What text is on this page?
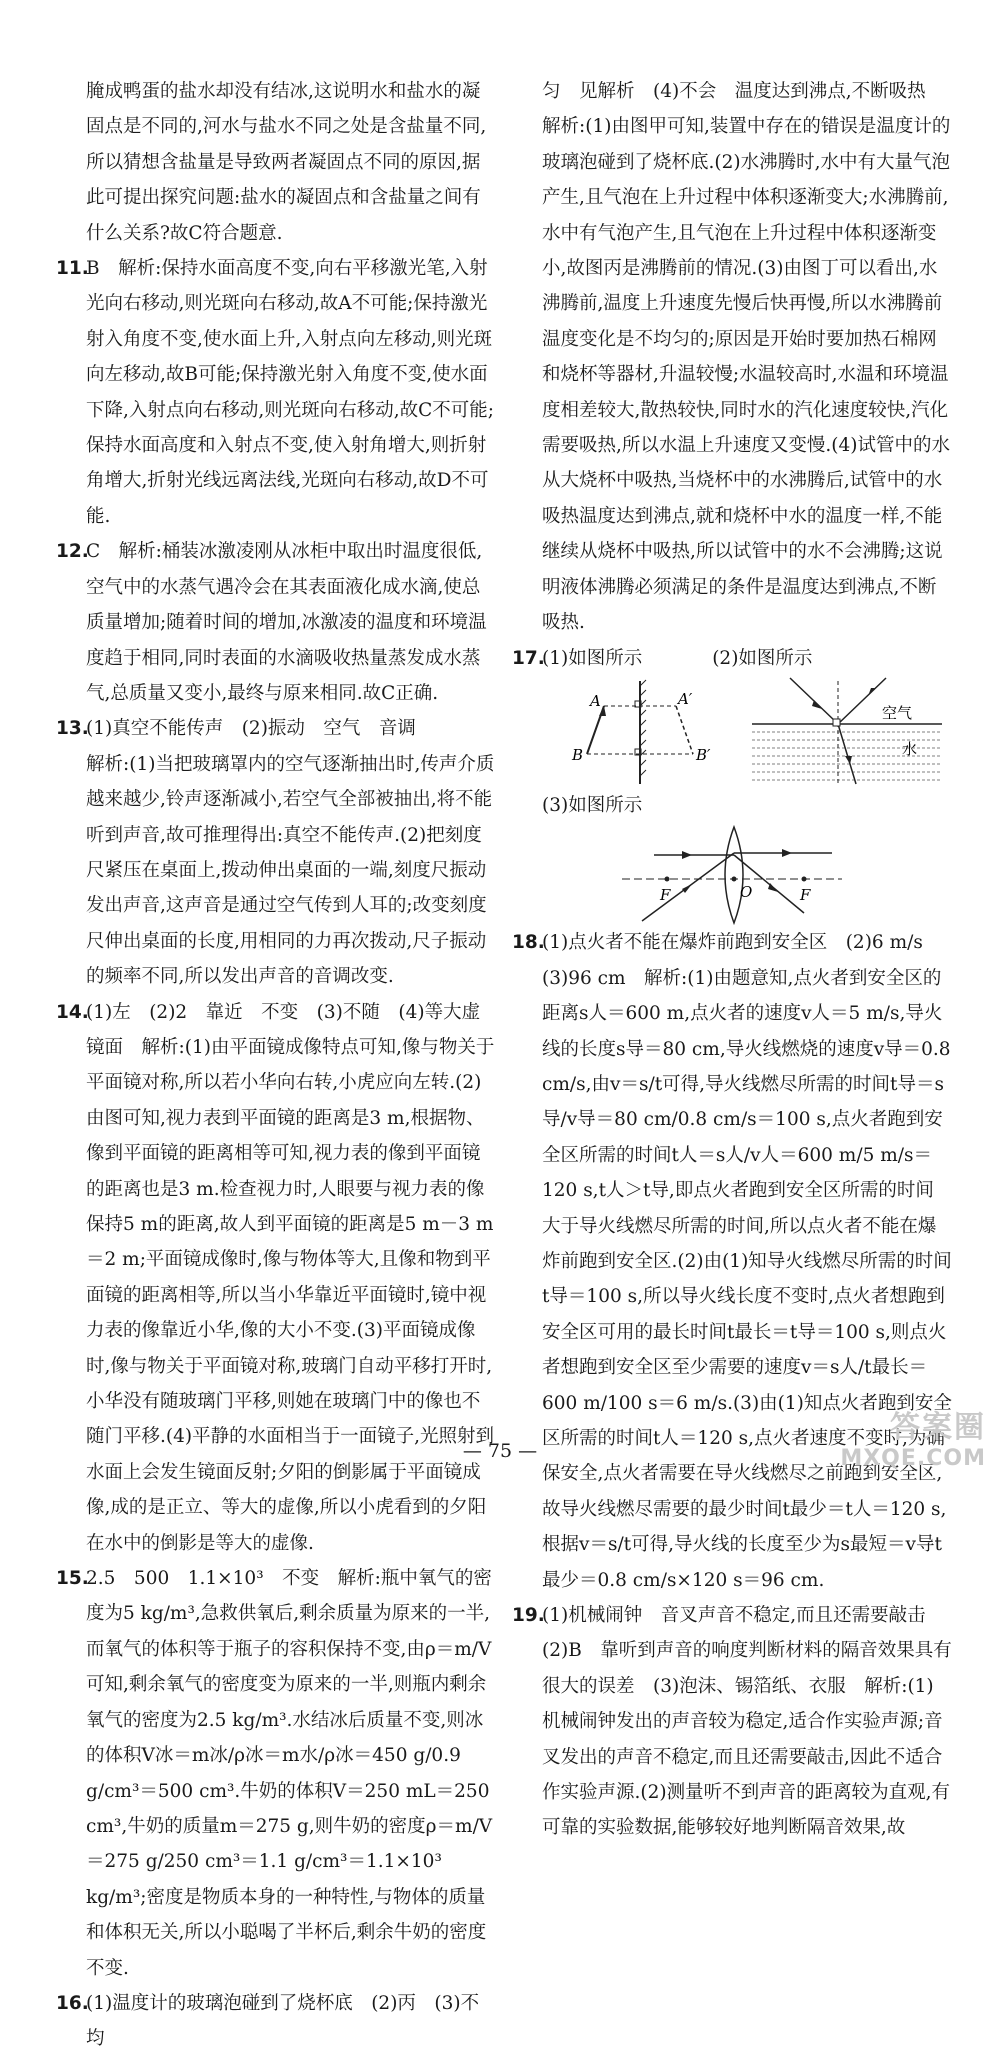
腌成鸭蛋的盐水却没有结冰,这说明水和盐水的凝固点是不同的,河水与盐水不同之处是含盐量不同,所以猜想含盐量是导致两者凝固点不同的原因,据此可提出探究问题:盐水的凝固点和含盐量之间有什么关系?故C符合题意.

11.

B　解析:保持水面高度不变,向右平移激光笔,入射光向右移动,则光斑向右移动,故A不可能;保持激光射入角度不变,使水面上升,入射点向左移动,则光斑向左移动,故B可能;保持激光射入角度不变,使水面下降,入射点向右移动,则光斑向右移动,故C不可能;保持水面高度和入射点不变,使入射角增大,则折射角增大,折射光线远离法线,光斑向右移动,故D不可能.

12.

C　解析:桶装冰激凌刚从冰柜中取出时温度很低,空气中的水蒸气遇冷会在其表面液化成水滴,使总质量增加;随着时间的增加,冰激凌的温度和环境温度趋于相同,同时表面的水滴吸收热量蒸发成水蒸气,总质量又变小,最终与原来相同.故C正确.

13.

(1)真空不能传声　(2)振动　空气　音调

解析:(1)当把玻璃罩内的空气逐渐抽出时,传声介质越来越少,铃声逐渐减小,若空气全部被抽出,将不能听到声音,故可推理得出:真空不能传声.(2)把刻度尺紧压在桌面上,拨动伸出桌面的一端,刻度尺振动发出声音,这声音是通过空气传到人耳的;改变刻度尺伸出桌面的长度,用相同的力再次拨动,尺子振动的频率不同,所以发出声音的音调改变.

14.

(1)左　(2)2　靠近　不变　(3)不随　(4)等大虚　镜面　解析:(1)由平面镜成像特点可知,像与物关于平面镜对称,所以若小华向右转,小虎应向左转.(2)由图可知,视力表到平面镜的距离是3 m,根据物、像到平面镜的距离相等可知,视力表的像到平面镜的距离也是3 m.检查视力时,人眼要与视力表的像保持5 m的距离,故人到平面镜的距离是5 m－3 m＝2 m;平面镜成像时,像与物体等大,且像和物到平面镜的距离相等,所以当小华靠近平面镜时,镜中视力表的像靠近小华,像的大小不变.(3)平面镜成像时,像与物关于平面镜对称,玻璃门自动平移打开时,小华没有随玻璃门平移,则她在玻璃门中的像也不随门平移.(4)平静的水面相当于一面镜子,光照射到水面上会发生镜面反射;夕阳的倒影属于平面镜成像,成的是正立、等大的虚像,所以小虎看到的夕阳在水中的倒影是等大的虚像.

15.

2.5　500　1.1×10³　不变　解析:瓶中氧气的密度为5 kg/m³,急救供氧后,剩余质量为原来的一半,而氧气的体积等于瓶子的容积保持不变,由ρ＝m/V可知,剩余氧气的密度变为原来的一半,则瓶内剩余氧气的密度为2.5 kg/m³.水结冰后质量不变,则冰的体积V冰＝m冰/ρ冰＝m水/ρ冰＝450 g/0.9 g/cm³＝500 cm³.牛奶的体积V＝250 mL＝250 cm³,牛奶的质量m＝275 g,则牛奶的密度ρ＝m/V＝275 g/250 cm³＝1.1 g/cm³＝1.1×10³ kg/m³;密度是物质本身的一种特性,与物体的质量和体积无关,所以小聪喝了半杯后,剩余牛奶的密度不变.

16.

(1)温度计的玻璃泡碰到了烧杯底　(2)丙　(3)不均

匀　见解析　(4)不会　温度达到沸点,不断吸热

解析:(1)由图甲可知,装置中存在的错误是温度计的玻璃泡碰到了烧杯底.(2)水沸腾时,水中有大量气泡产生,且气泡在上升过程中体积逐渐变大;水沸腾前,水中有气泡产生,且气泡在上升过程中体积逐渐变小,故图丙是沸腾前的情况.(3)由图丁可以看出,水沸腾前,温度上升速度先慢后快再慢,所以水沸腾前温度变化是不均匀的;原因是开始时要加热石棉网和烧杯等器材,升温较慢;水温较高时,水温和环境温度相差较大,散热较快,同时水的汽化速度较快,汽化需要吸热,所以水温上升速度又变慢.(4)试管中的水从大烧杯中吸热,当烧杯中的水沸腾后,试管中的水吸热温度达到沸点,就和烧杯中水的温度一样,不能继续从烧杯中吸热,所以试管中的水不会沸腾;这说明液体沸腾必须满足的条件是温度达到沸点,不断吸热.

17.
(1)如图所示	(2)如图所示
A	A′
B	B′
空气
水
(3)如图所示
F	O	F
18.

(1)点火者不能在爆炸前跑到安全区　(2)6 m/s

(3)96 cm　解析:(1)由题意知,点火者到安全区的距离s人＝600 m,点火者的速度v人＝5 m/s,导火线的长度s导＝80 cm,导火线燃烧的速度v导＝0.8 cm/s,由v＝s/t可得,导火线燃尽所需的时间t导＝s导/v导＝80 cm/0.8 cm/s＝100 s,点火者跑到安全区所需的时间t人＝s人/v人＝600 m/5 m/s＝120 s,t人＞t导,即点火者跑到安全区所需的时间大于导火线燃尽所需的时间,所以点火者不能在爆炸前跑到安全区.(2)由(1)知导火线燃尽所需的时间t导＝100 s,所以导火线长度不变时,点火者想跑到安全区可用的最长时间t最长＝t导＝100 s,则点火者想跑到安全区至少需要的速度v＝s人/t最长＝600 m/100 s＝6 m/s.(3)由(1)知点火者跑到安全区所需的时间t人＝120 s,点火者速度不变时,为确保安全,点火者需要在导火线燃尽之前跑到安全区,故导火线燃尽需要的最少时间t最少＝t人＝120 s,根据v＝s/t可得,导火线的长度至少为s最短＝v导t最少＝0.8 cm/s×120 s＝96 cm.

19.

(1)机械闹钟　音叉声音不稳定,而且还需要敲击

(2)B　靠听到声音的响度判断材料的隔音效果具有很大的误差　(3)泡沫、锡箔纸、衣服　解析:(1)机械闹钟发出的声音较为稳定,适合作实验声源;音叉发出的声音不稳定,而且还需要敲击,因此不适合作实验声源.(2)测量听不到声音的距离较为直观,有可靠的实验数据,能够较好地判断隔音效果,故

— 75 —
答案圈
MXQE.COM
